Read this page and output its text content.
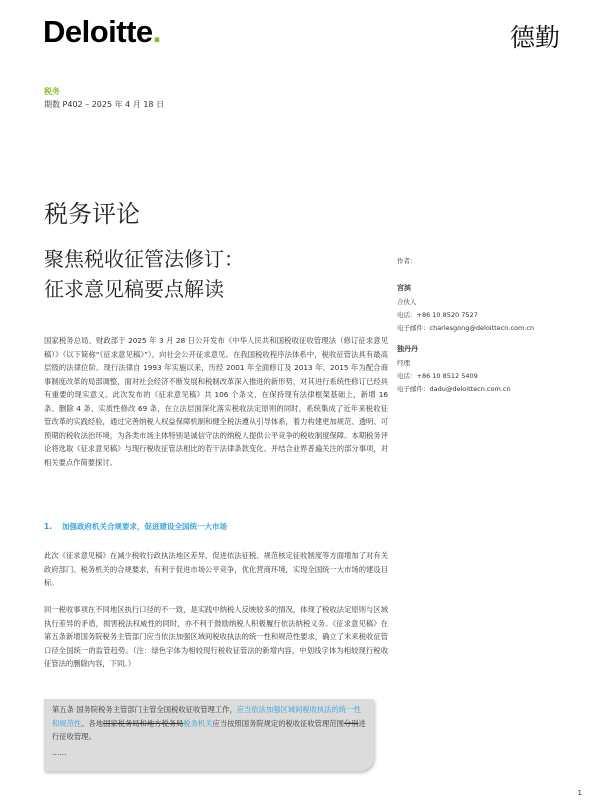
Deloitte.	德勤
税务
期数 P402 – 2025 年 4 月 18 日
税务评论
聚焦税收征管法修订：
征求意见稿要点解读
作者：
宫滨
合伙人
电话：+86 10 8520 7527
电子邮件：charlesgong@deloittecn.com.cn
独丹丹
经理
电话：+86 10 8512 5409
电子邮件：dadu@deloittecn.com.cn

国家税务总局、财政部于 2025 年 3 月 28 日公开发布《中华人民共和国税收征收管理法（修订征求意见稿）》（以下简称“《征求意见稿》”），向社会公开征求意见。在我国税收程序法体系中，税收征管法具有最高层级的法律位阶。现行法律自 1993 年实施以来，历经 2001 年全面修订及 2013 年、2015 年为配合商事制度改革的局部调整，面对社会经济不断发展和税制改革深入推进的新形势，对其进行系统性修订已经具有重要的现实意义。此次发布的《征求意见稿》共 106 个条文，在保持现有法律框架基础上，新增 16 条、删除 4 条、实质性修改 69 条，在立法层面深化落实税收法定原则的同时，系统集成了近年来税收征管改革的实践经验，通过完善纳税人权益保障机制和健全税法遵从引导体系，着力构建更加规范、透明、可预期的税收法治环境，为各类市场主体特别是诚信守法的纳税人提供公平竞争的税收制度保障。本期税务评论将选取《征求意见稿》与现行税收征管法相比的若干法律条款变化、并结合业界普遍关注的部分事项，对相关要点作简要探讨。

1. 加强政府机关合规要求，促进建设全国统一大市场

此次《征求意见稿》在减少税收行政执法地区差异、促进依法征税、规范核定征收制度等方面增加了对有关政府部门、税务机关的合规要求，有利于促进市场公平竞争，优化营商环境，实现全国统一大市场的建设目标。

同一税收事项在不同地区执行口径的不一致，是实践中纳税人反映较多的情况，体现了税收法定原则与区域执行差异的矛盾，损害税法权威性的同时，亦不利于鼓励纳税人积极履行依法纳税义务。《征求意见稿》在第五条新增国务院税务主管部门应当依法加强区域间税收执法的统一性和规范性要求，确立了未来税收征管口径全国统一的监管趋势。（注：绿色字体为相较现行税收征管法的新增内容，中划线字体为相较现行税收征管法的删除内容，下同。）

第五条 国务院税务主管部门主管全国税收征收管理工作，应当依法加强区域间税收执法的统一性和规范性。各地国家税务局和地方税务局税务机关应当按照国务院规定的税收征收管理范围分别进行征收管理。
……
1
